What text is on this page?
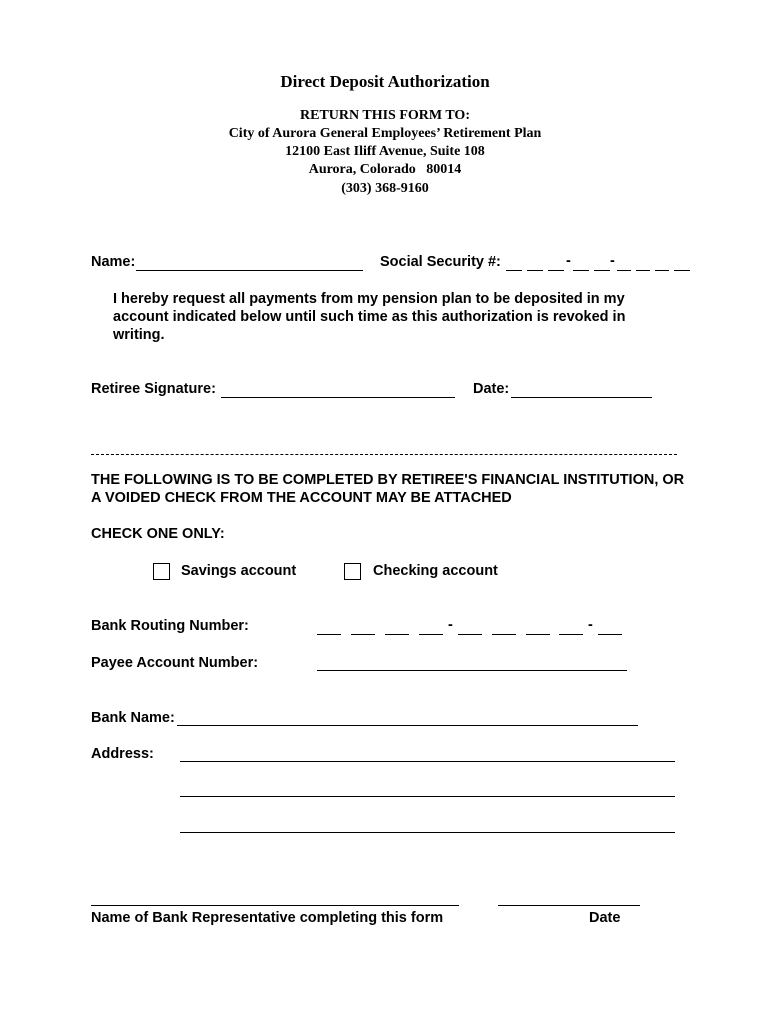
Direct Deposit Authorization
RETURN THIS FORM TO:
City of Aurora General Employees’ Retirement Plan
12100 East Iliff Avenue, Suite 108
Aurora, Colorado   80014
(303) 368-9160
Name:	Social Security #:	-	-
I hereby request all payments from my pension plan to be deposited in my account indicated below until such time as this authorization is revoked in writing.
Retiree Signature:	Date:
THE FOLLOWING IS TO BE COMPLETED BY RETIREE'S FINANCIAL INSTITUTION, OR A VOIDED CHECK FROM THE ACCOUNT MAY BE ATTACHED
CHECK ONE ONLY:
Savings account	Checking account
Bank Routing Number:	-	-
Payee Account Number:
Bank Name:
Address:
Name of Bank Representative completing this form	Date
